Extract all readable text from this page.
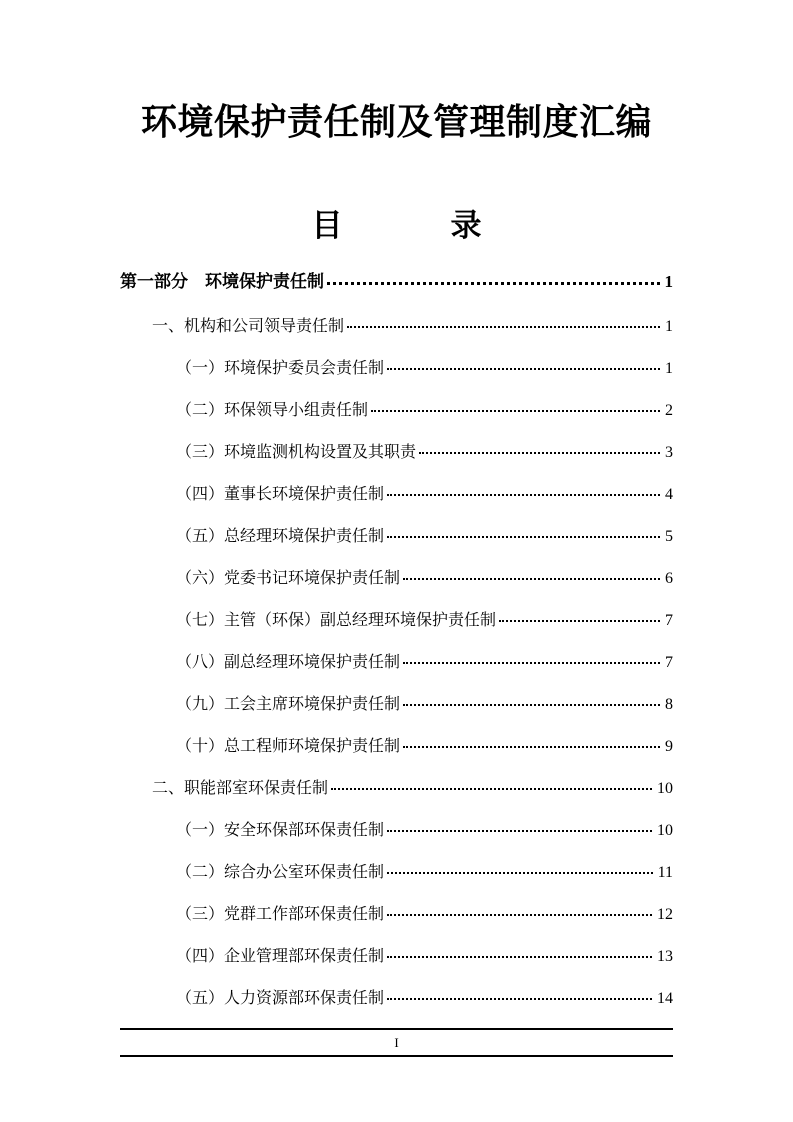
环境保护责任制及管理制度汇编
目	录
第一部分　环境保护责任制	1
一、机构和公司领导责任制	1
（一）环境保护委员会责任制	1
（二）环保领导小组责任制	2
（三）环境监测机构设置及其职责	3
（四）董事长环境保护责任制	4
（五）总经理环境保护责任制	5
（六）党委书记环境保护责任制	6
（七）主管（环保）副总经理环境保护责任制	7
（八）副总经理环境保护责任制	7
（九）工会主席环境保护责任制	8
（十）总工程师环境保护责任制	9
二、职能部室环保责任制	10
（一）安全环保部环保责任制	10
（二）综合办公室环保责任制	11
（三）党群工作部环保责任制	12
（四）企业管理部环保责任制	13
（五）人力资源部环保责任制	14
I
